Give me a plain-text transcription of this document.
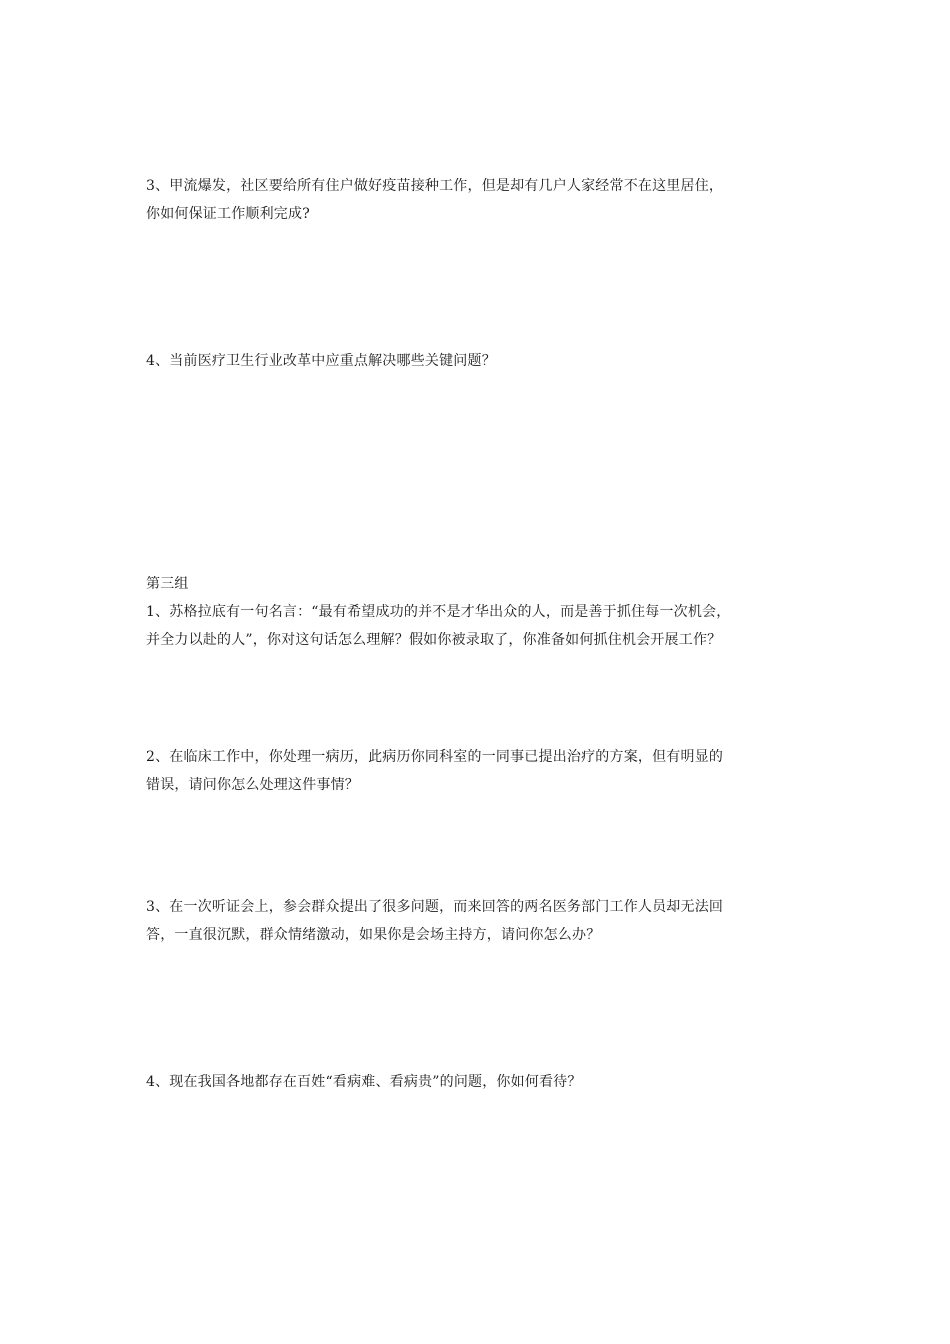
3、甲流爆发，社区要给所有住户做好疫苗接种工作，但是却有几户人家经常不在这里居住，
你如何保证工作顺利完成?
4、当前医疗卫生行业改革中应重点解决哪些关键问题？
第三组
1、苏格拉底有一句名言：“最有希望成功的并不是才华出众的人，而是善于抓住每一次机会，
并全力以赴的人”，你对这句话怎么理解？假如你被录取了，你准备如何抓住机会开展工作？
2、在临床工作中，你处理一病历，此病历你同科室的一同事已提出治疗的方案，但有明显的
错误，请问你怎么处理这件事情？
3、在一次听证会上，参会群众提出了很多问题，而来回答的两名医务部门工作人员却无法回
答，一直很沉默，群众情绪激动，如果你是会场主持方，请问你怎么办？
4、现在我国各地都存在百姓“看病难、看病贵”的问题，你如何看待？
